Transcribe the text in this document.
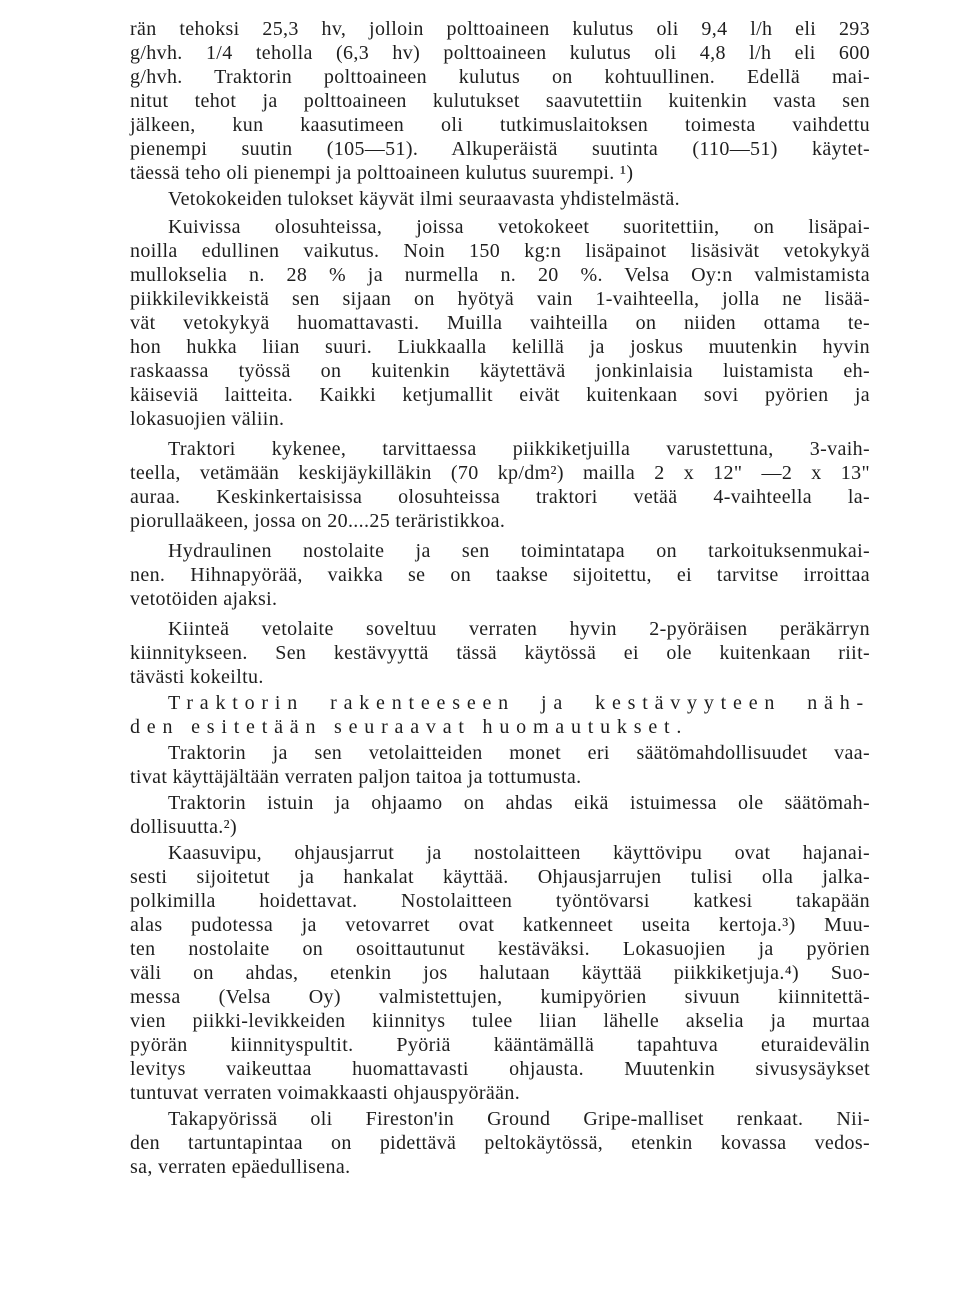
rän tehoksi 25,3 hv, jolloin polttoaineen kulutus oli 9,4 l/h eli 293
g/hvh. 1/4 teholla (6,3 hv) polttoaineen kulutus oli 4,8 l/h eli 600
g/hvh. Traktorin polttoaineen kulutus on kohtuullinen. Edellä mai-
nitut tehot ja polttoaineen kulutukset saavutettiin kuitenkin vasta sen
jälkeen, kun kaasutimeen oli tutkimuslaitoksen toimesta vaihdettu
pienempi suutin (105—51). Alkuperäistä suutinta (110—51) käytet-
täessä teho oli pienempi ja polttoaineen kulutus suurempi. ¹)
Vetokokeiden tulokset käyvät ilmi seuraavasta yhdistelmästä.
Kuivissa olosuhteissa, joissa vetokokeet suoritettiin, on lisäpai-
noilla edullinen vaikutus. Noin 150 kg:n lisäpainot lisäsivät vetokykyä
mullokselia n. 28 % ja nurmella n. 20 %. Velsa Oy:n valmistamista
piikkilevikkeistä sen sijaan on hyötyä vain 1-vaihteella, jolla ne lisää-
vät vetokykyä huomattavasti. Muilla vaihteilla on niiden ottama te-
hon hukka liian suuri. Liukkaalla kelillä ja joskus muutenkin hyvin
raskaassa työssä on kuitenkin käytettävä jonkinlaisia luistamista eh-
käiseviä laitteita. Kaikki ketjumallit eivät kuitenkaan sovi pyörien ja
lokasuojien väliin.
Traktori kykenee, tarvittaessa piikkiketjuilla varustettuna, 3-vaih-
teella, vetämään keskijäykilläkin (70 kp/dm²) mailla 2 x 12" —2 x 13"
auraa. Keskinkertaisissa olosuhteissa traktori vetää 4-vaihteella la-
piorullaäkeen, jossa on 20....25 teräristikkoa.
Hydraulinen nostolaite ja sen toimintatapa on tarkoituksenmukai-
nen. Hihnapyörää, vaikka se on taakse sijoitettu, ei tarvitse irroittaa
vetotöiden ajaksi.
Kiinteä vetolaite soveltuu verraten hyvin 2-pyöräisen peräkärryn
kiinnitykseen. Sen kestävyyttä tässä käytössä ei ole kuitenkaan riit-
tävästi kokeiltu.
Traktorin rakenteeseen ja kestävyyteen näh-
den esitetään seuraavat huomautukset.
Traktorin ja sen vetolaitteiden monet eri säätömahdollisuudet vaa-
tivat käyttäjältään verraten paljon taitoa ja tottumusta.
Traktorin istuin ja ohjaamo on ahdas eikä istuimessa ole säätömah-
dollisuutta.²)
Kaasuvipu, ohjausjarrut ja nostolaitteen käyttövipu ovat hajanai-
sesti sijoitetut ja hankalat käyttää. Ohjausjarrujen tulisi olla jalka-
polkimilla hoidettavat. Nostolaitteen työntövarsi katkesi takapään
alas pudotessa ja vetovarret ovat katkenneet useita kertoja.³) Muu-
ten nostolaite on osoittautunut kestäväksi. Lokasuojien ja pyörien
väli on ahdas, etenkin jos halutaan käyttää piikkiketjuja.⁴) Suo-
messa (Velsa Oy) valmistettujen, kumipyörien sivuun kiinnitettä-
vien piikki-levikkeiden kiinnitys tulee liian lähelle akselia ja murtaa
pyörän kiinnityspultit. Pyöriä kääntämällä tapahtuva eturaidevälin
levitys vaikeuttaa huomattavasti ohjausta. Muutenkin sivusysäykset
tuntuvat verraten voimakkaasti ohjauspyörään.
Takapyörissä oli Fireston'in Ground Gripe-malliset renkaat. Nii-
den tartuntapintaa on pidettävä peltokäytössä, etenkin kovassa vedos-
sa, verraten epäedullisena.
